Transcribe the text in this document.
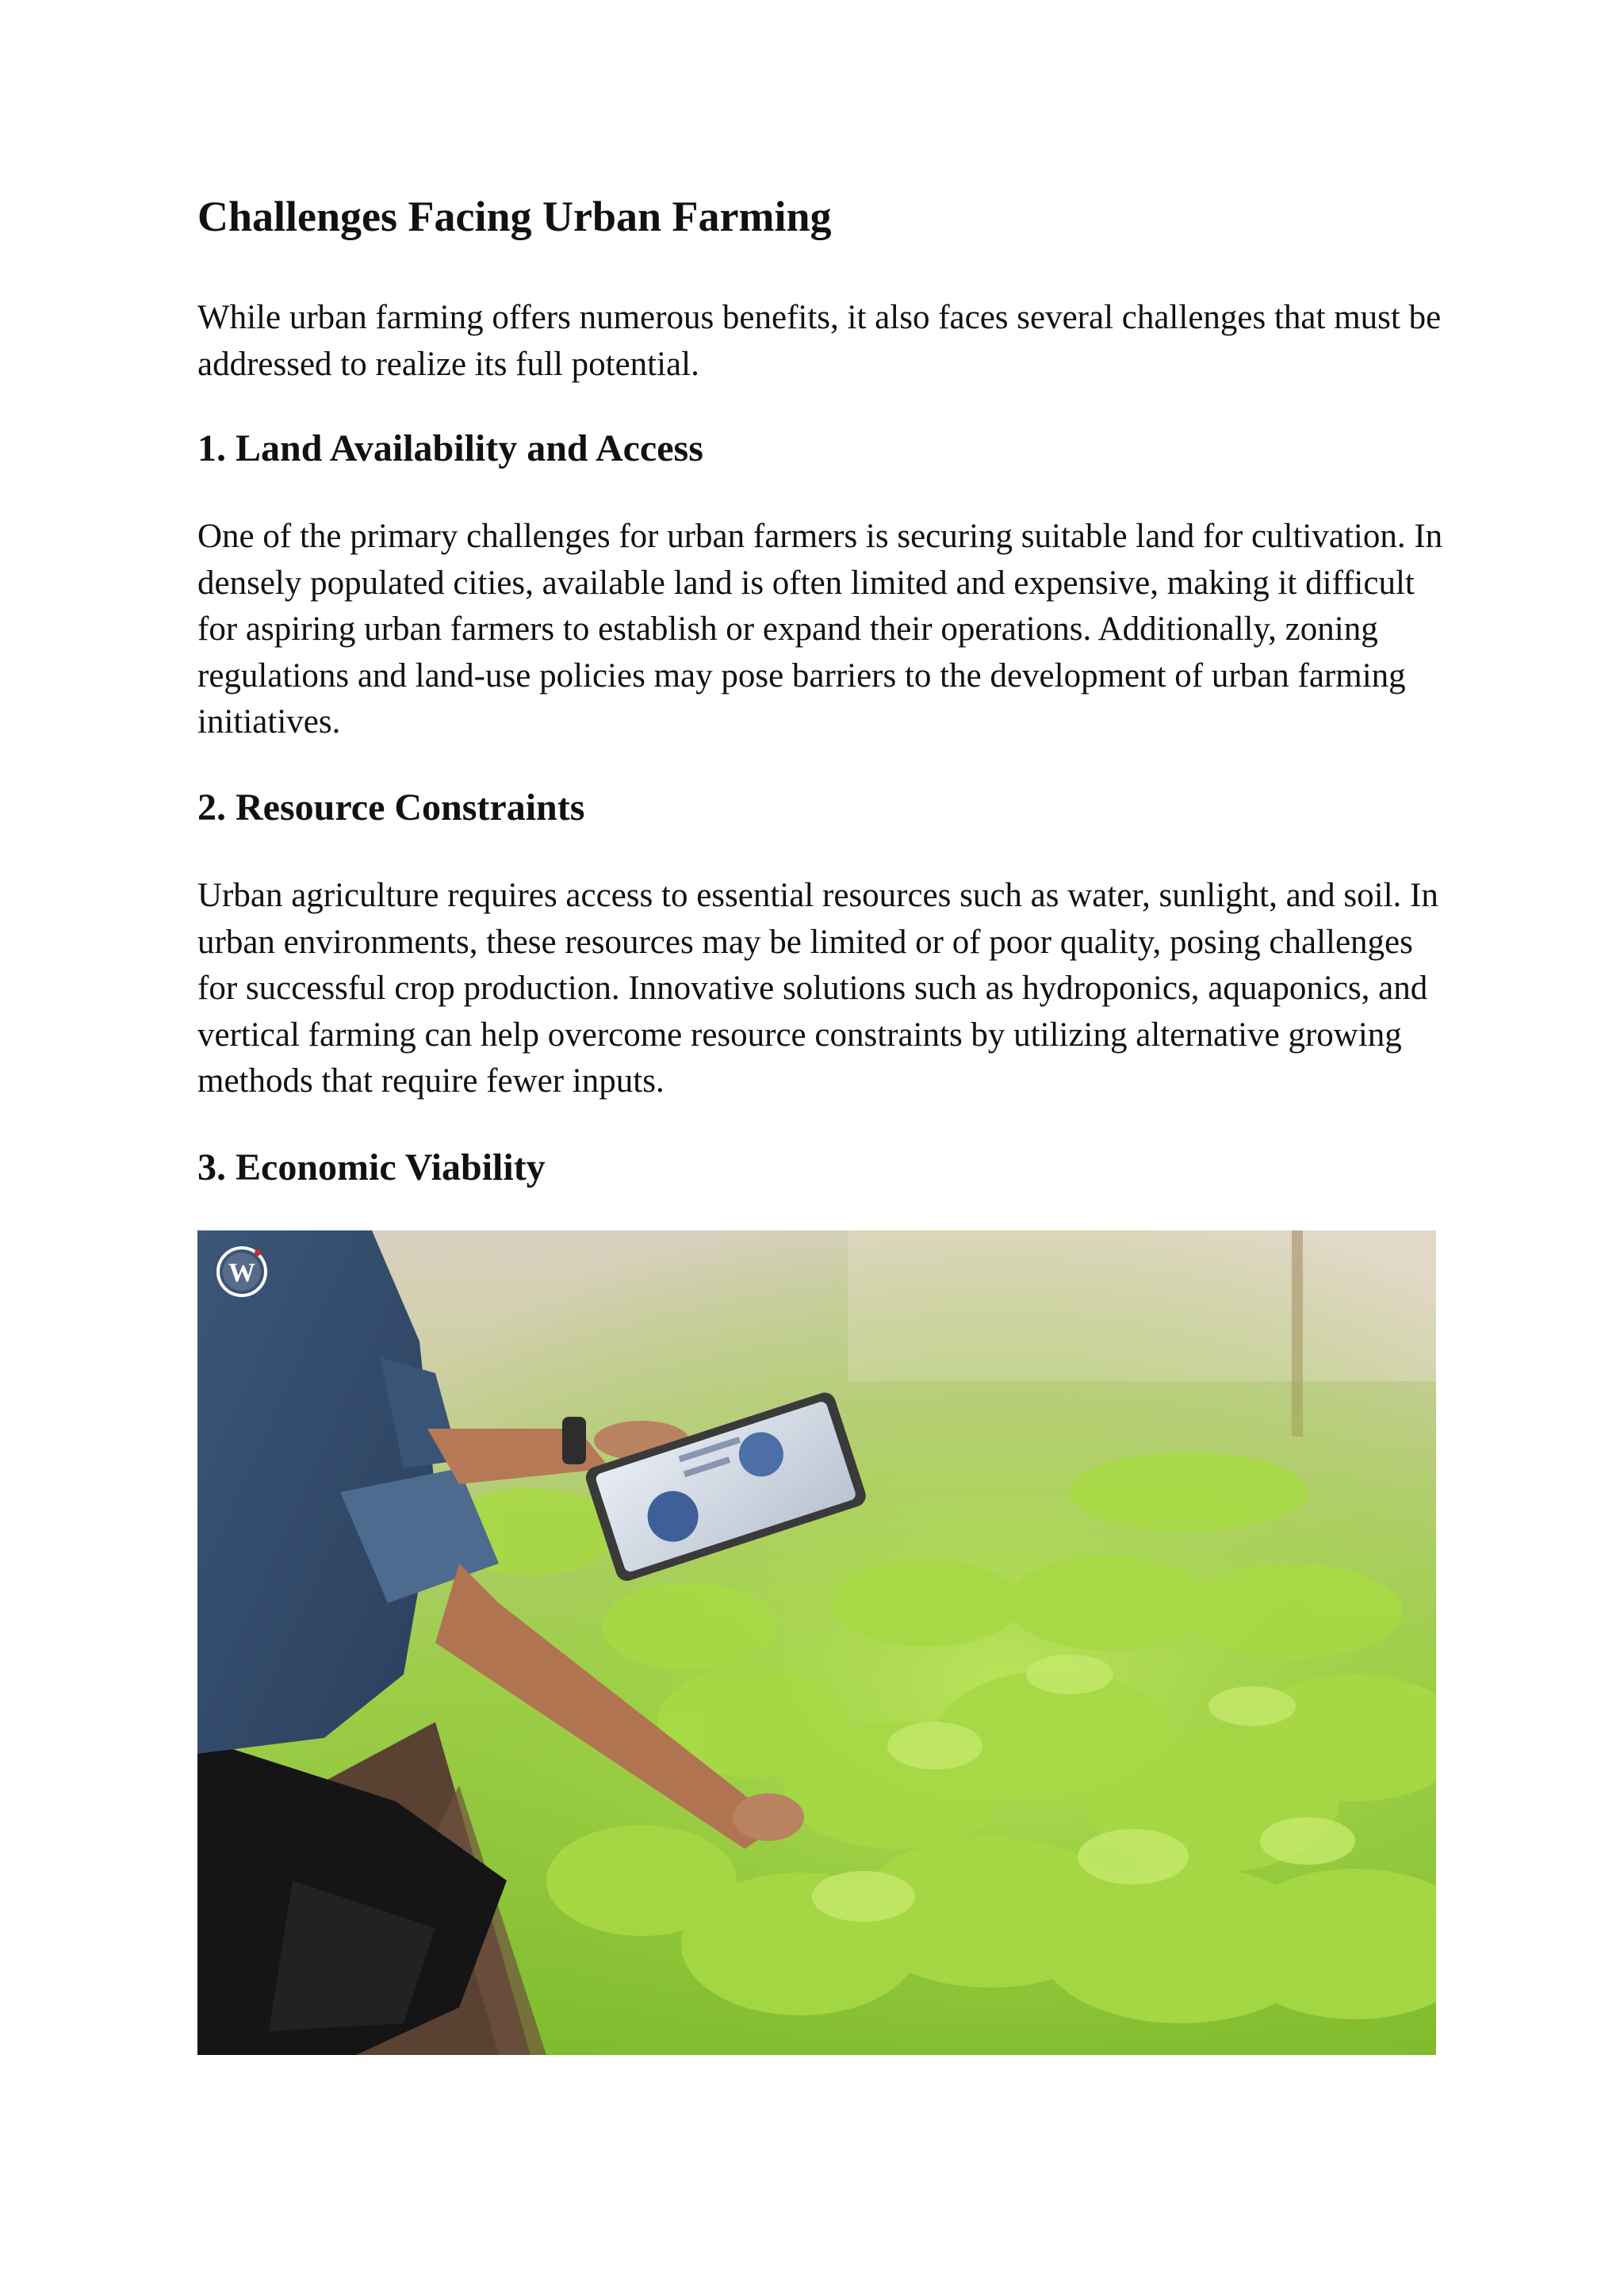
Challenges Facing Urban Farming

While urban farming offers numerous benefits, it also faces several challenges that must be addressed to realize its full potential.

1. Land Availability and Access

One of the primary challenges for urban farmers is securing suitable land for cultivation. In densely populated cities, available land is often limited and expensive, making it difficult for aspiring urban farmers to establish or expand their operations. Additionally, zoning regulations and land-use policies may pose barriers to the development of urban farming initiatives.

2. Resource Constraints

Urban agriculture requires access to essential resources such as water, sunlight, and soil. In urban environments, these resources may be limited or of poor quality, posing challenges for successful crop production. Innovative solutions such as hydroponics, aquaponics, and vertical farming can help overcome resource constraints by utilizing alternative growing methods that require fewer inputs.

3. Economic Viability
W
